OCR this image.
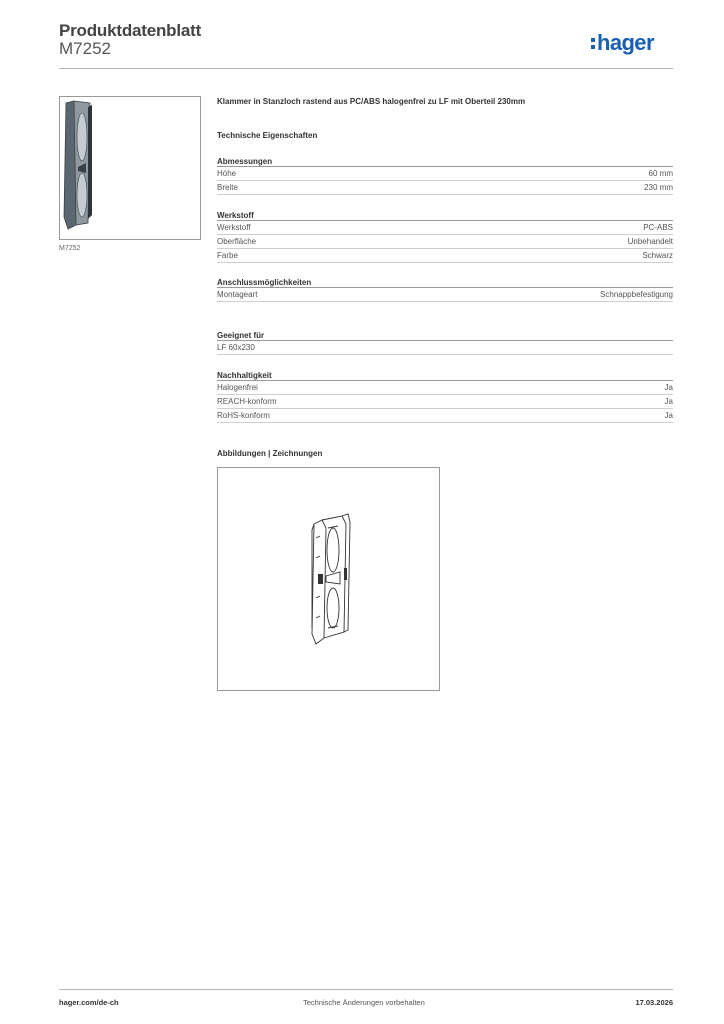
Produktdatenblatt
M7252	hager
M7252
Klammer in Stanzloch rastend aus PC/ABS halogenfrei zu LF mit Oberteil 230mm
Technische Eigenschaften
Abmessungen
Höhe	60 mm
Breite	230 mm
Werkstoff
Werkstoff	PC-ABS
Oberfläche	Unbehandelt
Farbe	Schwarz
Anschlussmöglichkeiten
Montageart	Schnappbefestigung
Geeignet für
LF 60x230
Nachhaltigkeit
Halogenfrei	Ja
REACH-konform	Ja
RoHS-konform	Ja
Abbildungen | Zeichnungen
hager.com/de-ch	Technische Änderungen vorbehalten	17.03.2026
